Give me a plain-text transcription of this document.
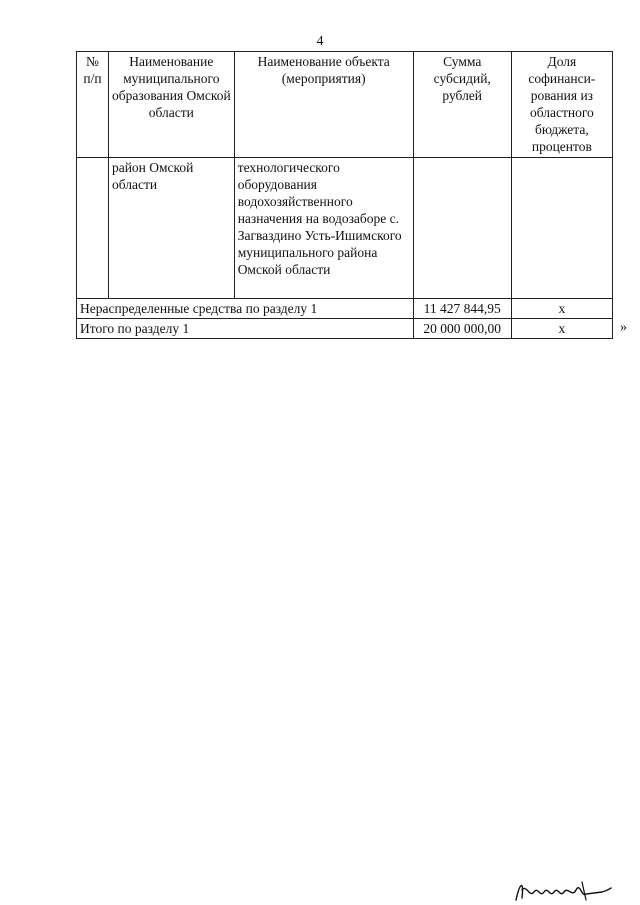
4
№ п/п	Наименование муниципального образования Омской области	Наименование объекта (мероприятия)	Сумма субсидий, рублей	Доля софинанси-рования из областного бюджета, процентов
	район Омской области	технологического оборудования водохозяйственного назначения на водозаборе с. Загваздино Усть-Ишимского муниципального района Омской области		
Нераспределенные средства по разделу 1			11 427 844,95	х
Итого по разделу 1			20 000 000,00	х	»
